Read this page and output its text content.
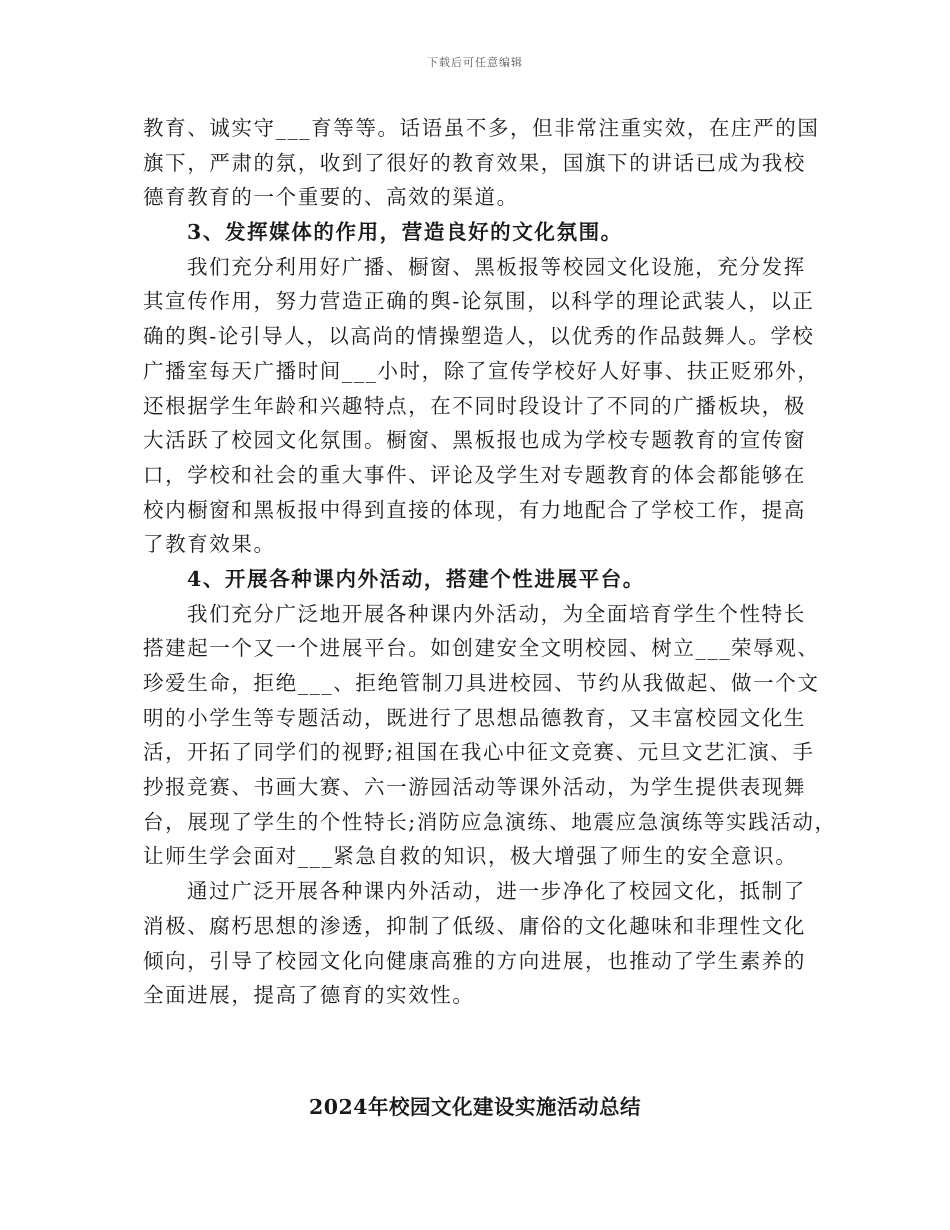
下载后可任意编辑
教育、诚实守___育等等。话语虽不多，但非常注重实效，在庄严的国
旗下，严肃的氛，收到了很好的教育效果，国旗下的讲话已成为我校
德育教育的一个重要的、高效的渠道。
3、发挥媒体的作用，营造良好的文化氛围。
我们充分利用好广播、橱窗、黑板报等校园文化设施，充分发挥
其宣传作用，努力营造正确的舆-论氛围，以科学的理论武装人，以正
确的舆-论引导人，以高尚的情操塑造人，以优秀的作品鼓舞人。学校
广播室每天广播时间___小时，除了宣传学校好人好事、扶正贬邪外，
还根据学生年龄和兴趣特点，在不同时段设计了不同的广播板块，极
大活跃了校园文化氛围。橱窗、黑板报也成为学校专题教育的宣传窗
口，学校和社会的重大事件、评论及学生对专题教育的体会都能够在
校内橱窗和黑板报中得到直接的体现，有力地配合了学校工作，提高
了教育效果。
4、开展各种课内外活动，搭建个性进展平台。
我们充分广泛地开展各种课内外活动，为全面培育学生个性特长
搭建起一个又一个进展平台。如创建安全文明校园、树立___荣辱观、
珍爱生命，拒绝___、拒绝管制刀具进校园、节约从我做起、做一个文
明的小学生等专题活动，既进行了思想品德教育，又丰富校园文化生
活，开拓了同学们的视野;祖国在我心中征文竞赛、元旦文艺汇演、手
抄报竞赛、书画大赛、六一游园活动等课外活动，为学生提供表现舞
台，展现了学生的个性特长;消防应急演练、地震应急演练等实践活动，
让师生学会面对___紧急自救的知识，极大增强了师生的安全意识。
通过广泛开展各种课内外活动，进一步净化了校园文化，抵制了
消极、腐朽思想的渗透，抑制了低级、庸俗的文化趣味和非理性文化
倾向，引导了校园文化向健康高雅的方向进展，也推动了学生素养的
全面进展，提高了德育的实效性。
2024年校园文化建设实施活动总结
